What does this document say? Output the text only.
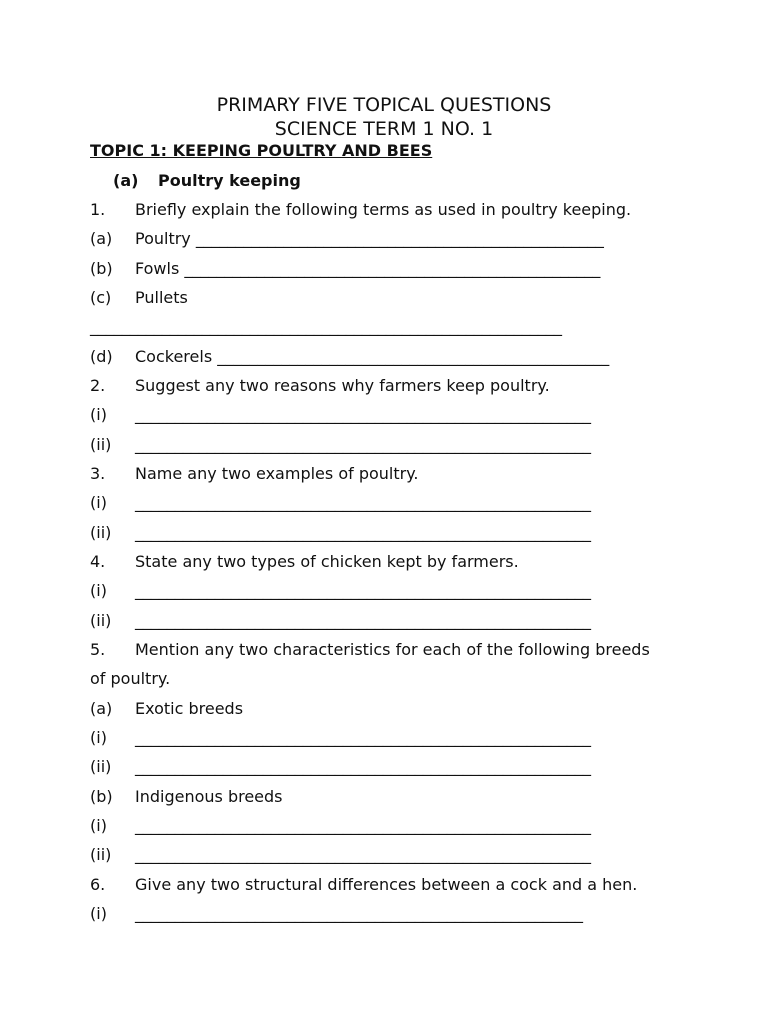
PRIMARY FIVE TOPICAL QUESTIONS
SCIENCE TERM 1 NO. 1
TOPIC 1: KEEPING POULTRY AND BEES
(a) Poultry keeping
1. Briefly explain the following terms as used in poultry keeping.
(a) Poultry ___________________________________________________
(b) Fowls ____________________________________________________
(c) Pullets
___________________________________________________________
(d) Cockerels _________________________________________________
2. Suggest any two reasons why farmers keep poultry.
(i) _________________________________________________________
(ii) _________________________________________________________
3. Name any two examples of poultry.
(i) _________________________________________________________
(ii) _________________________________________________________
4. State any two types of chicken kept by farmers.
(i) _________________________________________________________
(ii) _________________________________________________________
5. Mention any two characteristics for each of the following breeds
of poultry.
(a) Exotic breeds
(i) _________________________________________________________
(ii) _________________________________________________________
(b) Indigenous breeds
(i) _________________________________________________________
(ii) _________________________________________________________
6. Give any two structural differences between a cock and a hen.
(i) ________________________________________________________
